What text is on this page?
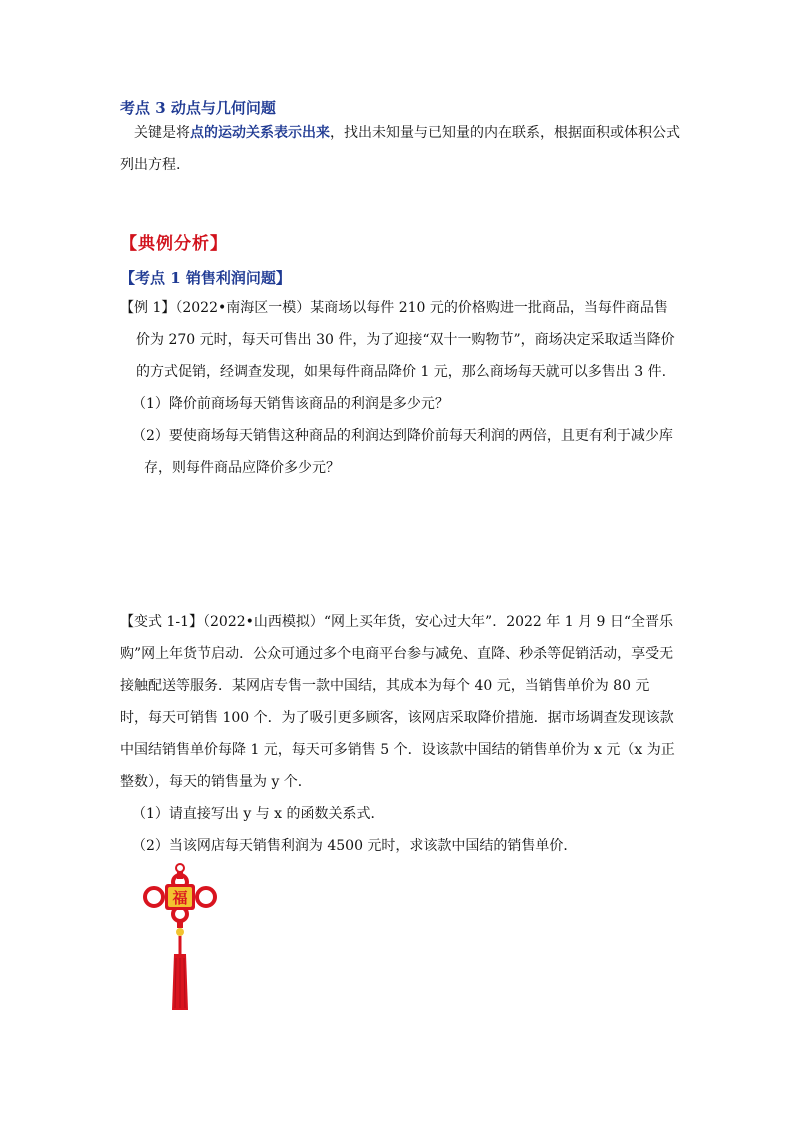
考点 3 动点与几何问题
关键是将点的运动关系表示出来，找出未知量与已知量的内在联系，根据面积或体积公式列出方程.
【典例分析】
【考点 1 销售利润问题】
【例 1】（2022•南海区一模）某商场以每件 210 元的价格购进一批商品，当每件商品售价为 270 元时，每天可售出 30 件，为了迎接“双十一购物节”，商场决定采取适当降价的方式促销，经调查发现，如果每件商品降价 1 元，那么商场每天就可以多售出 3 件.
（1）降价前商场每天销售该商品的利润是多少元？
（2）要使商场每天销售这种商品的利润达到降价前每天利润的两倍，且更有利于减少库存，则每件商品应降价多少元？
【变式 1-1】（2022•山西模拟）“网上买年货，安心过大年”．2022 年 1 月 9 日“全晋乐购”网上年货节启动．公众可通过多个电商平台参与减免、直降、秒杀等促销活动，享受无接触配送等服务．某网店专售一款中国结，其成本为每个 40 元，当销售单价为 80 元时，每天可销售 100 个．为了吸引更多顾客，该网店采取降价措施．据市场调查发现该款中国结销售单价每降 1 元，每天可多销售 5 个．设该款中国结的销售单价为 x 元（x 为正整数），每天的销售量为 y 个．
（1）请直接写出 y 与 x 的函数关系式．
（2）当该网店每天销售利润为 4500 元时，求该款中国结的销售单价．
福
